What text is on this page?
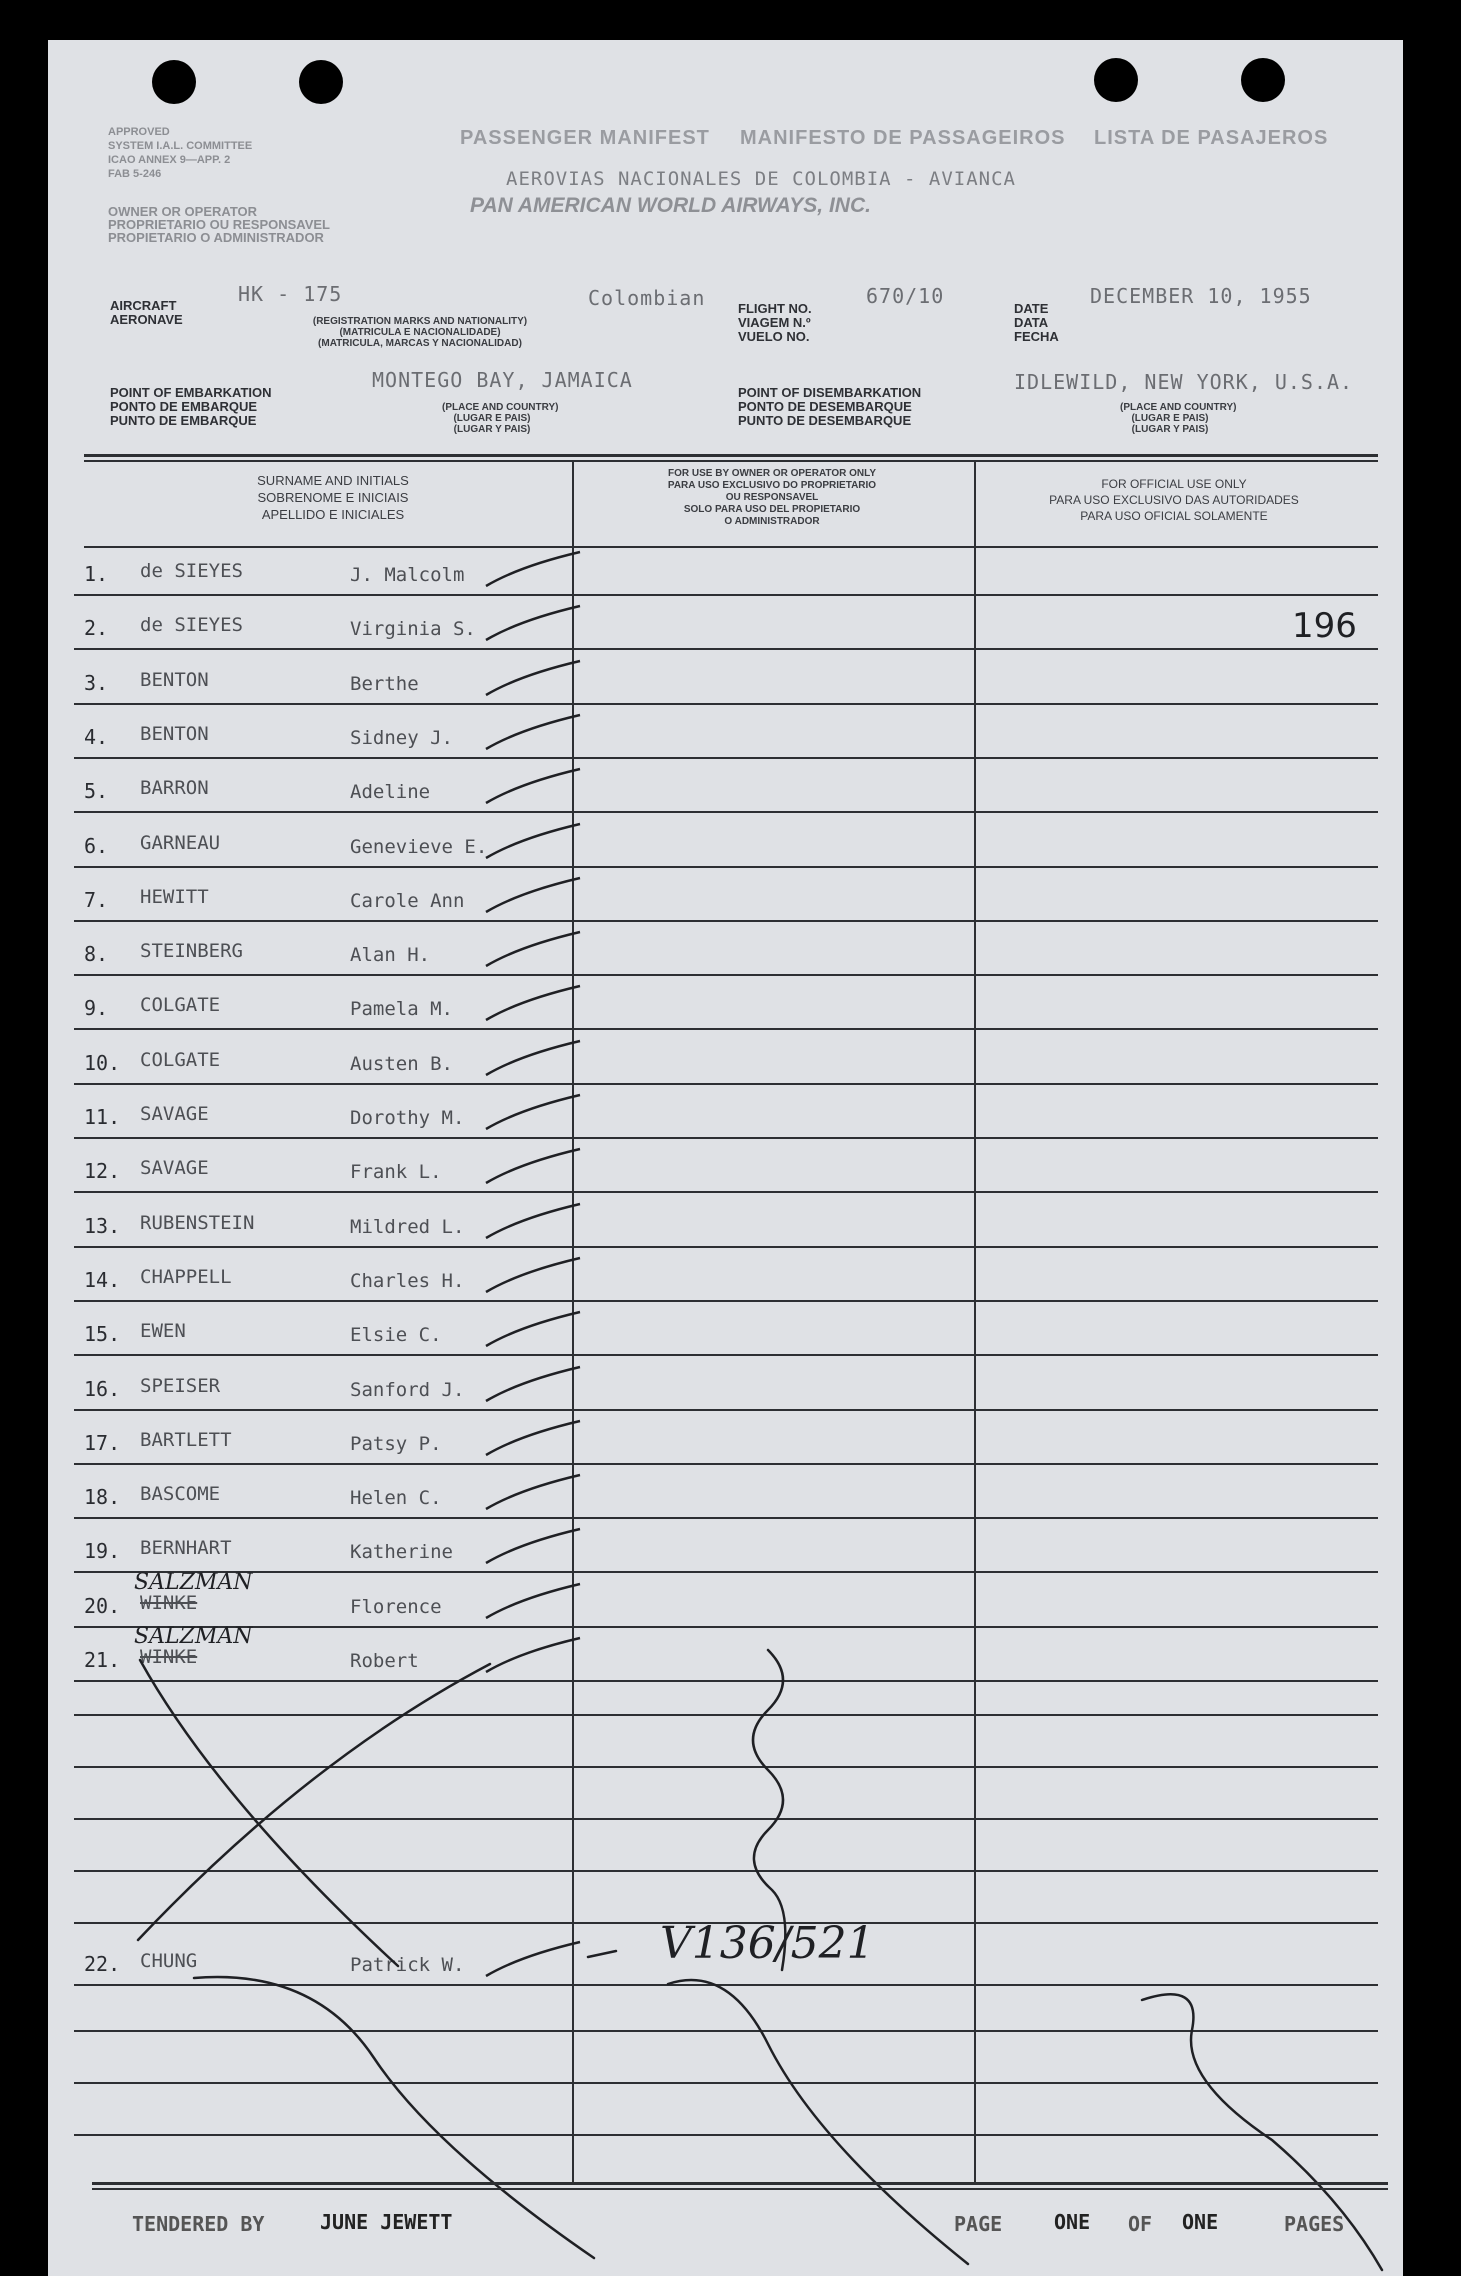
APPROVED
SYSTEM I.A.L. COMMITTEE
ICAO ANNEX 9—APP. 2
FAB 5-246
OWNER OR OPERATOR
PROPRIETARIO OU RESPONSAVEL
PROPIETARIO O ADMINISTRADOR
PASSENGER MANIFEST MANIFESTO DE PASSAGEIROS LISTA DE PASAJEROS
AEROVIAS NACIONALES DE COLOMBIA - AVIANCA
PAN AMERICAN WORLD AIRWAYS, INC.
AIRCRAFT
AERONAVE
HK - 175	Colombian
(REGISTRATION MARKS AND NATIONALITY)
(MATRICULA E NACIONALIDADE)
(MATRICULA, MARCAS Y NACIONALIDAD)
FLIGHT NO.
VIAGEM N.º
VUELO NO.
670/10
DATE
DATA
FECHA
DECEMBER 10, 1955
POINT OF EMBARKATION
PONTO DE EMBARQUE
PUNTO DE EMBARQUE
MONTEGO BAY, JAMAICA
(PLACE AND COUNTRY)
(LUGAR E PAIS)
(LUGAR Y PAIS)
POINT OF DISEMBARKATION
PONTO DE DESEMBARQUE
PUNTO DE DESEMBARQUE
IDLEWILD, NEW YORK, U.S.A.
(PLACE AND COUNTRY)
(LUGAR E PAIS)
(LUGAR Y PAIS)
SURNAME AND INITIALS
SOBRENOME E INICIAIS
APELLIDO E INICIALES
FOR USE BY OWNER OR OPERATOR ONLY
PARA USO EXCLUSIVO DO PROPRIETARIO
OU RESPONSAVEL
SOLO PARA USO DEL PROPIETARIO
O ADMINISTRADOR
FOR OFFICIAL USE ONLY
PARA USO EXCLUSIVO DAS AUTORIDADES
PARA USO OFICIAL SOLAMENTE
1. de SIEYES	J. Malcolm
2. de SIEYES	Virginia S.
3. BENTON	Berthe
4. BENTON	Sidney J.
5. BARRON	Adeline
6. GARNEAU	Genevieve E.
7. HEWITT	Carole Ann
8. STEINBERG	Alan H.
9. COLGATE	Pamela M.
10. COLGATE	Austen B.
11. SAVAGE	Dorothy M.
12. SAVAGE	Frank L.
13. RUBENSTEIN	Mildred L.
14. CHAPPELL	Charles H.
15. EWEN	Elsie C.
16. SPEISER	Sanford J.
17. BARTLETT	Patsy P.
18. BASCOME	Helen C.
19. BERNHART	Katherine
20. WINKE	Florence
SALZMAN
21. WINKE	Robert
SALZMAN
22. CHUNG	Patrick W.
196
V136/521
TENDERED BY	JUNE JEWETT	PAGE	ONE OF ONE	PAGES
